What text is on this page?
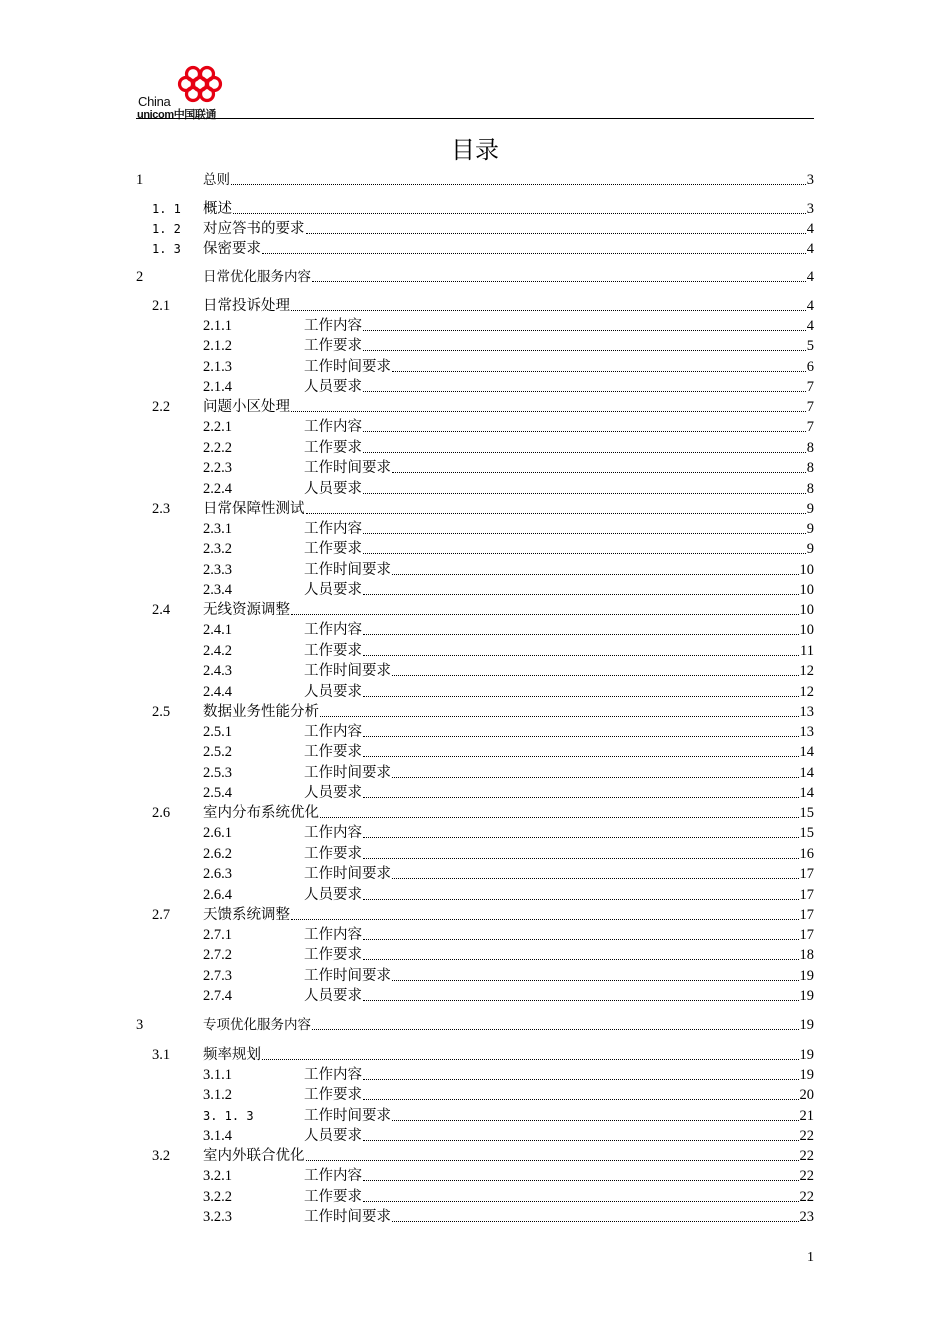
China
unicom中国联通
目录
1	总则	3
1. 1 概述	3
1. 2 对应答书的要求	4
1. 3 保密要求	4
2	日常优化服务内容	4
2.1 日常投诉处理	4
2.1.1	工作内容	4
2.1.2	工作要求	5
2.1.3	工作时间要求	6
2.1.4	人员要求	7
2.2 问题小区处理	7
2.2.1	工作内容	7
2.2.2	工作要求	8
2.2.3	工作时间要求	8
2.2.4	人员要求	8
2.3 日常保障性测试	9
2.3.1	工作内容	9
2.3.2	工作要求	9
2.3.3	工作时间要求	10
2.3.4	人员要求	10
2.4 无线资源调整	10
2.4.1	工作内容	10
2.4.2	工作要求	11
2.4.3	工作时间要求	12
2.4.4	人员要求	12
2.5 数据业务性能分析	13
2.5.1	工作内容	13
2.5.2	工作要求	14
2.5.3	工作时间要求	14
2.5.4	人员要求	14
2.6 室内分布系统优化	15
2.6.1	工作内容	15
2.6.2	工作要求	16
2.6.3	工作时间要求	17
2.6.4	人员要求	17
2.7 天馈系统调整	17
2.7.1	工作内容	17
2.7.2	工作要求	18
2.7.3	工作时间要求	19
2.7.4	人员要求	19
3	专项优化服务内容	19
3.1 频率规划	19
3.1.1	工作内容	19
3.1.2	工作要求	20
3. 1. 3	工作时间要求	21
3.1.4	人员要求	22
3.2 室内外联合优化	22
3.2.1	工作内容	22
3.2.2	工作要求	22
3.2.3	工作时间要求	23
1
